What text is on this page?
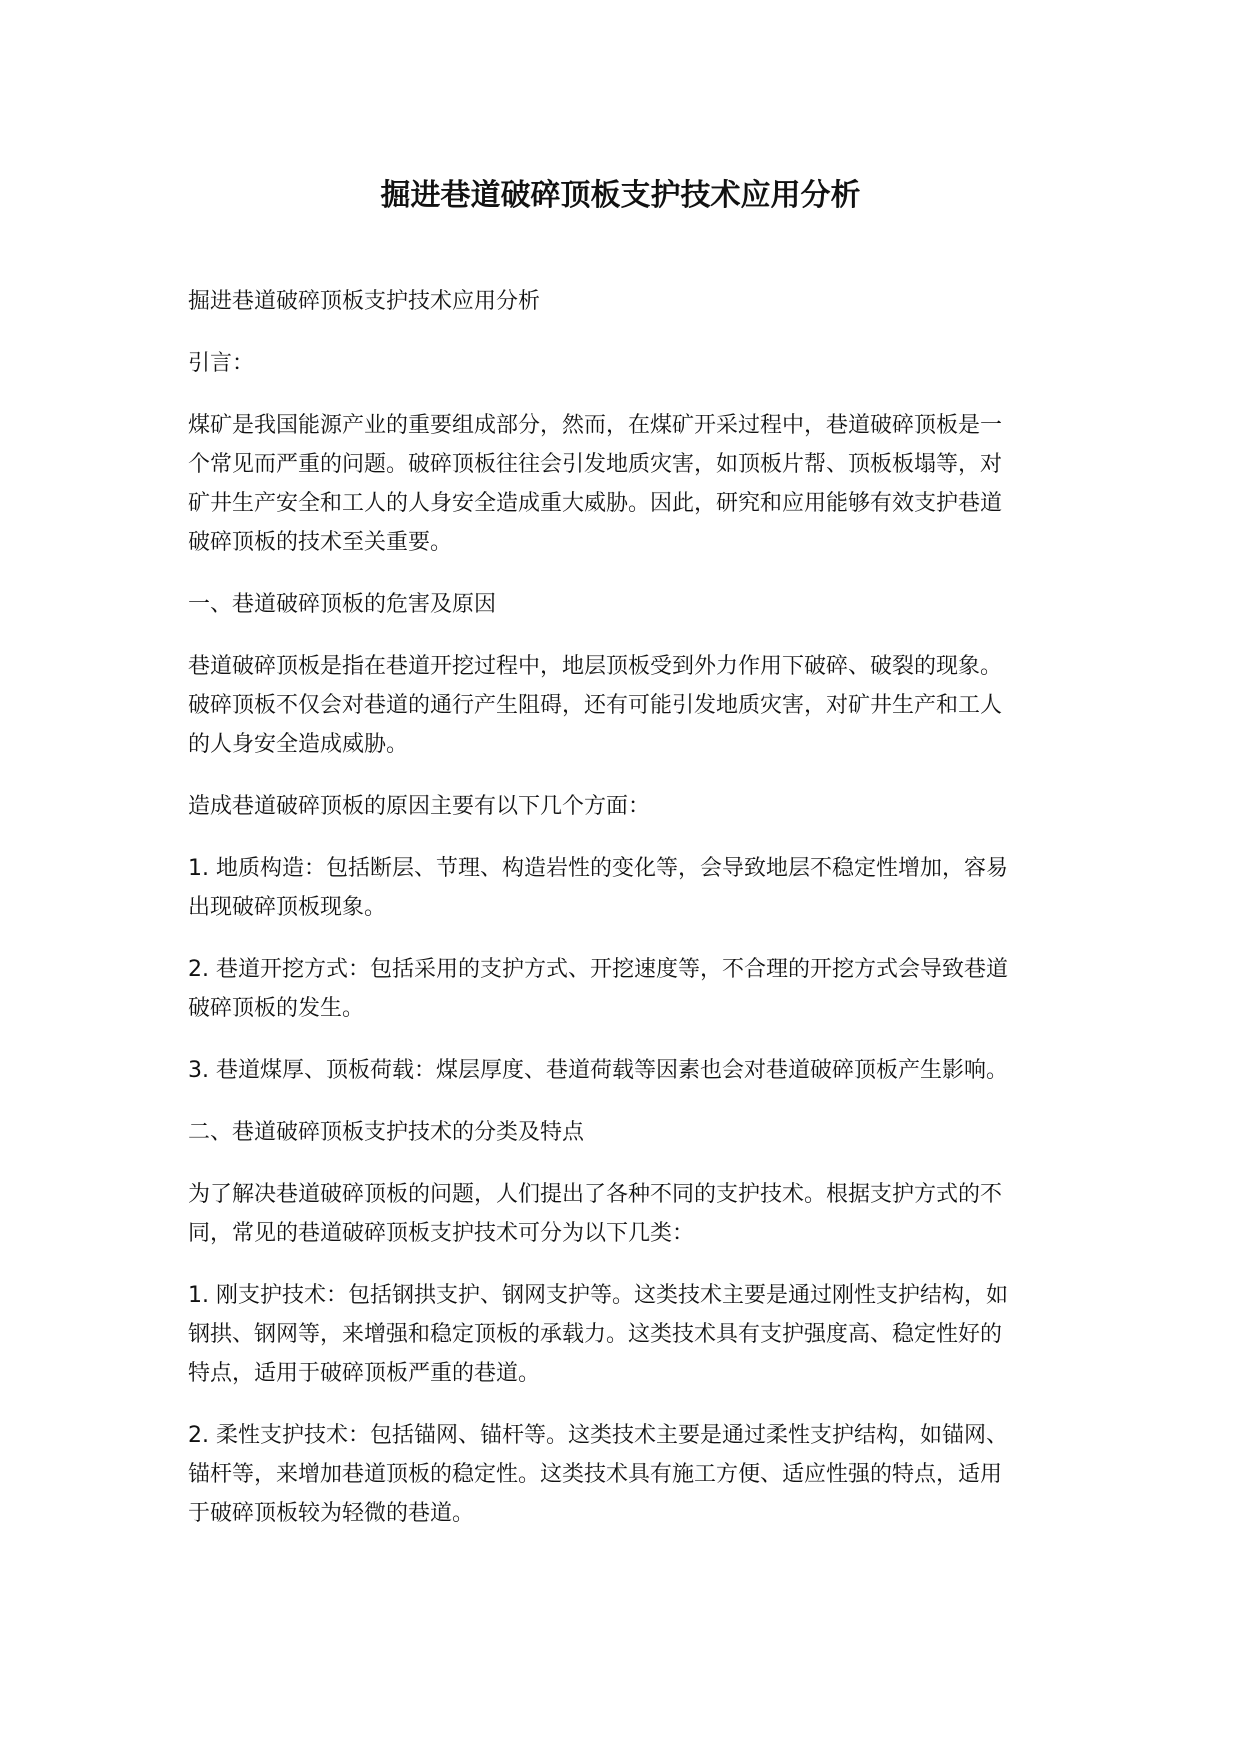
掘进巷道破碎顶板支护技术应用分析

掘进巷道破碎顶板支护技术应用分析

引言：

煤矿是我国能源产业的重要组成部分，然而，在煤矿开采过程中，巷道破碎顶板是一
个常见而严重的问题。破碎顶板往往会引发地质灾害，如顶板片帮、顶板板塌等，对
矿井生产安全和工人的人身安全造成重大威胁。因此，研究和应用能够有效支护巷道
破碎顶板的技术至关重要。

一、巷道破碎顶板的危害及原因

巷道破碎顶板是指在巷道开挖过程中，地层顶板受到外力作用下破碎、破裂的现象。
破碎顶板不仅会对巷道的通行产生阻碍，还有可能引发地质灾害，对矿井生产和工人
的人身安全造成威胁。

造成巷道破碎顶板的原因主要有以下几个方面：

1. 地质构造：包括断层、节理、构造岩性的变化等，会导致地层不稳定性增加，容易
出现破碎顶板现象。

2. 巷道开挖方式：包括采用的支护方式、开挖速度等，不合理的开挖方式会导致巷道
破碎顶板的发生。

3. 巷道煤厚、顶板荷载：煤层厚度、巷道荷载等因素也会对巷道破碎顶板产生影响。

二、巷道破碎顶板支护技术的分类及特点

为了解决巷道破碎顶板的问题，人们提出了各种不同的支护技术。根据支护方式的不
同，常见的巷道破碎顶板支护技术可分为以下几类：

1. 刚支护技术：包括钢拱支护、钢网支护等。这类技术主要是通过刚性支护结构，如
钢拱、钢网等，来增强和稳定顶板的承载力。这类技术具有支护强度高、稳定性好的
特点，适用于破碎顶板严重的巷道。

2. 柔性支护技术：包括锚网、锚杆等。这类技术主要是通过柔性支护结构，如锚网、
锚杆等，来增加巷道顶板的稳定性。这类技术具有施工方便、适应性强的特点，适用
于破碎顶板较为轻微的巷道。
